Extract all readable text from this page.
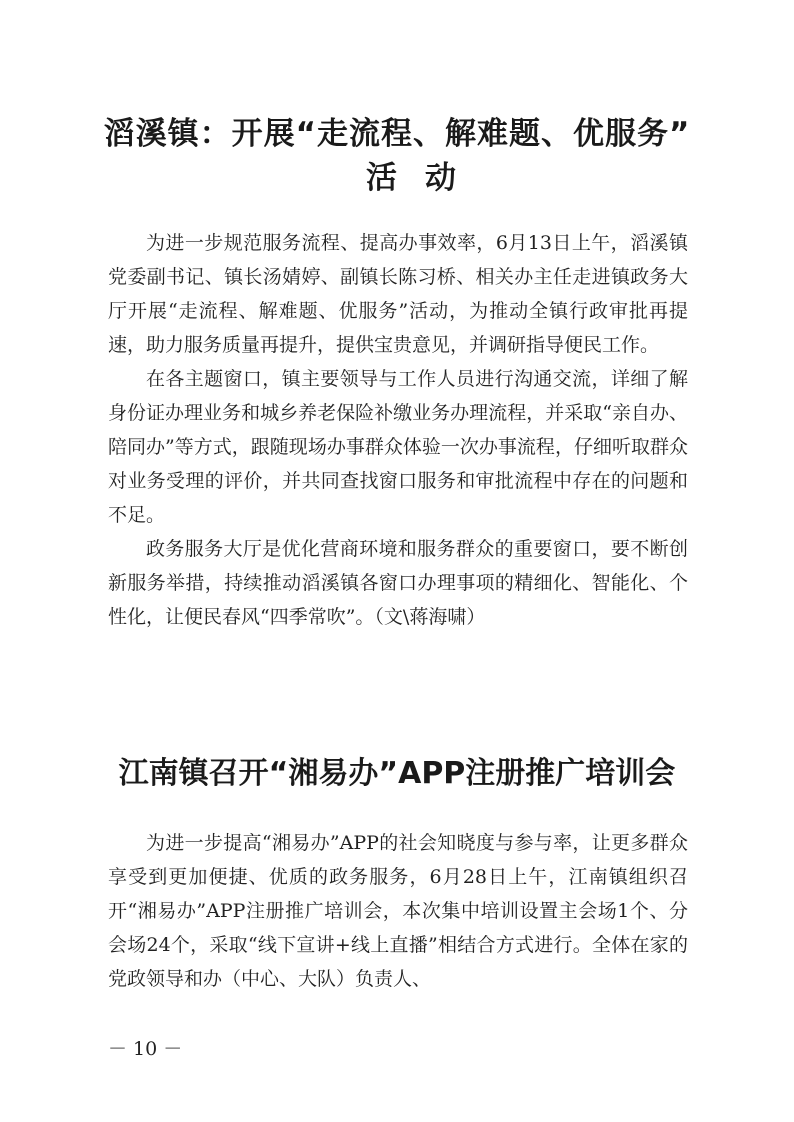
滔溪镇：开展“走流程、解难题、优服务”
活动

为进一步规范服务流程、提高办事效率，6月13日上午，滔溪镇党委副书记、镇长汤婧婷、副镇长陈习桥、相关办主任走进镇政务大厅开展“走流程、解难题、优服务”活动，为推动全镇行政审批再提速，助力服务质量再提升，提供宝贵意见，并调研指导便民工作。

在各主题窗口，镇主要领导与工作人员进行沟通交流，详细了解身份证办理业务和城乡养老保险补缴业务办理流程，并采取“亲自办、陪同办”等方式，跟随现场办事群众体验一次办事流程，仔细听取群众对业务受理的评价，并共同查找窗口服务和审批流程中存在的问题和不足。

政务服务大厅是优化营商环境和服务群众的重要窗口，要不断创新服务举措，持续推动滔溪镇各窗口办理事项的精细化、智能化、个性化，让便民春风“四季常吹”。（文\蒋海啸）

江南镇召开“湘易办”APP注册推广培训会

为进一步提高“湘易办”APP的社会知晓度与参与率，让更多群众享受到更加便捷、优质的政务服务，6月28日上午，江南镇组织召开“湘易办”APP注册推广培训会，本次集中培训设置主会场1个、分会场24个，采取“线下宣讲+线上直播”相结合方式进行。全体在家的党政领导和办（中心、大队）负责人、

－ 10 －
